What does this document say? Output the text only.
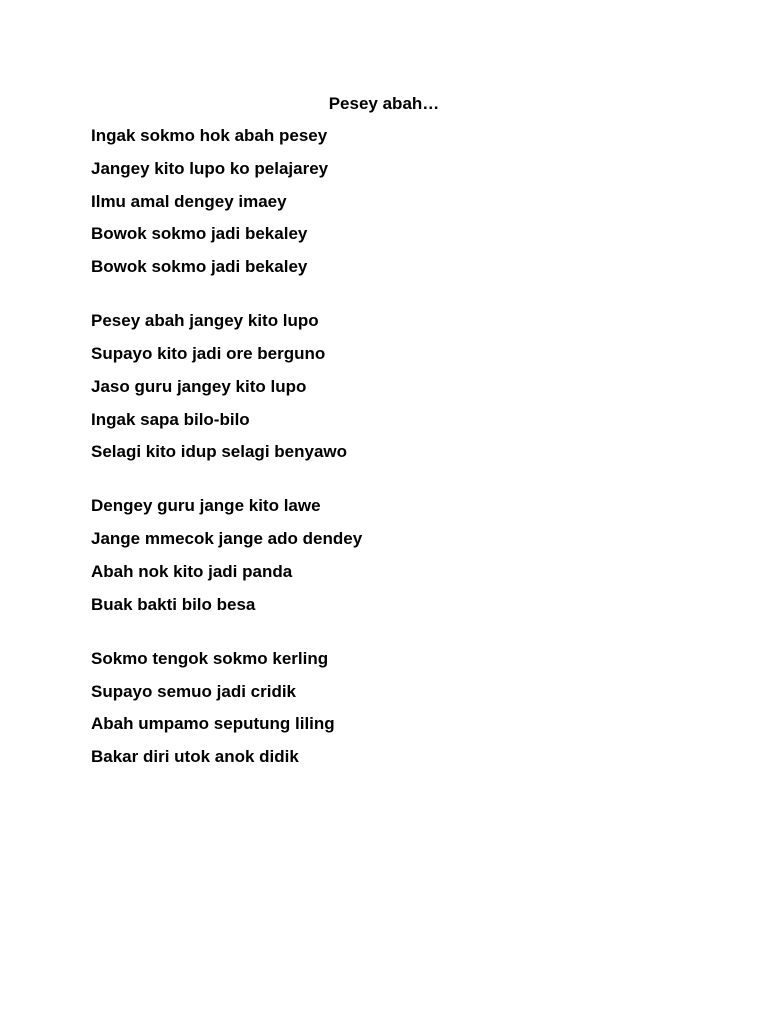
Pesey abah…
Ingak sokmo hok abah pesey
Jangey kito lupo ko pelajarey
Ilmu amal dengey imaey
Bowok sokmo jadi bekaley
Bowok sokmo jadi bekaley
Pesey abah jangey kito lupo
Supayo kito jadi ore berguno
Jaso guru jangey kito lupo
Ingak sapa bilo-bilo
Selagi kito idup selagi benyawo
Dengey guru jange kito lawe
Jange mmecok jange ado dendey
Abah nok kito jadi panda
Buak bakti bilo besa
Sokmo tengok sokmo kerling
Supayo semuo jadi cridik
Abah umpamo seputung liling
Bakar diri utok anok didik
